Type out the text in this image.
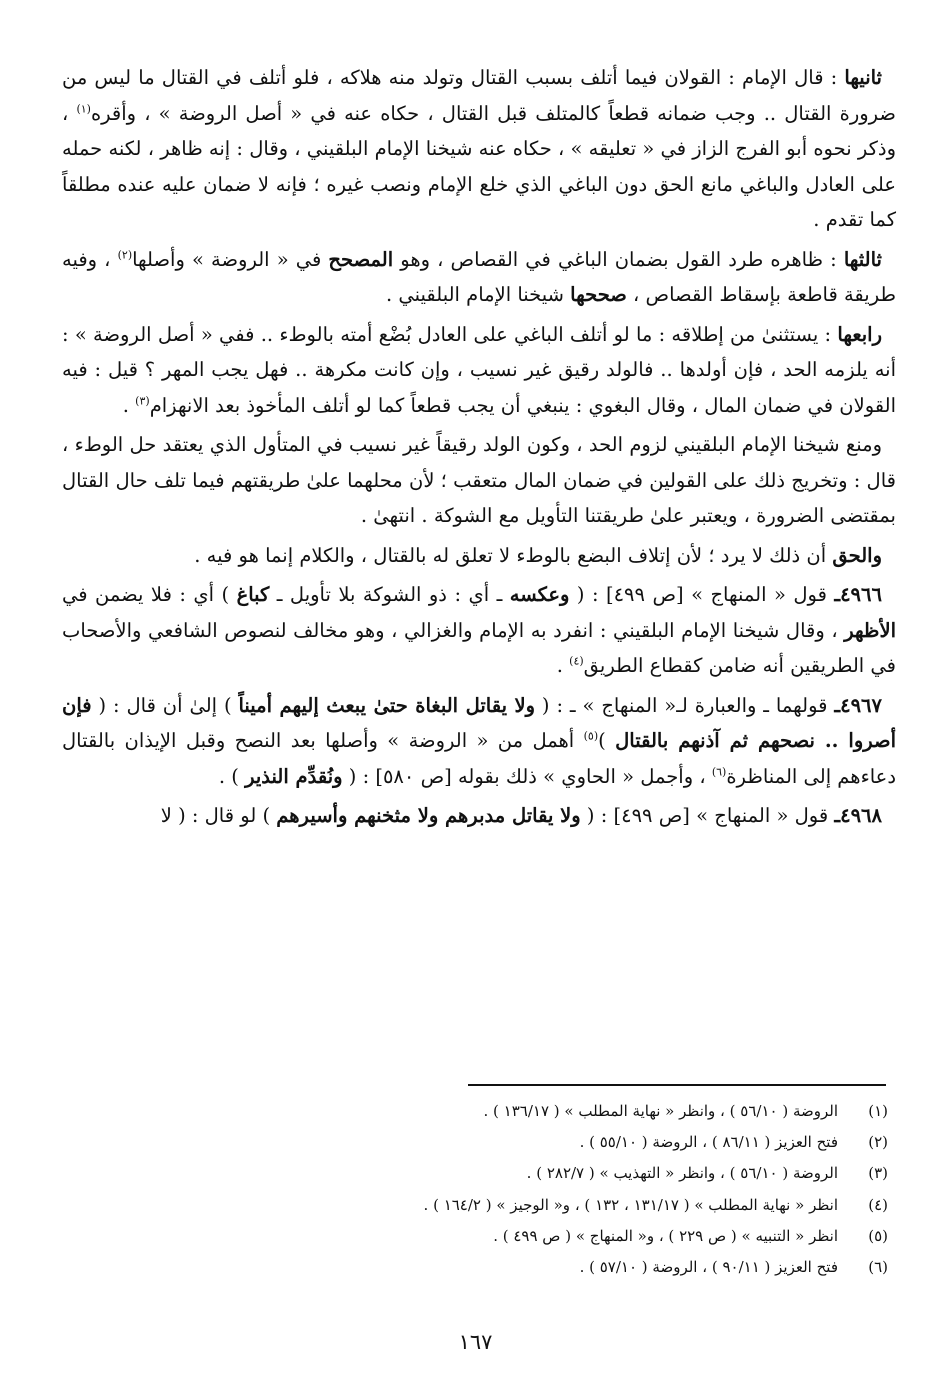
ثانيها : قال الإمام : القولان فيما أتلف بسبب القتال وتولد منه هلاكه ، فلو أتلف في القتال ما ليس من ضرورة القتال .. وجب ضمانه قطعاً كالمتلف قبل القتال ، حكاه عنه في « أصل الروضة » ، وأقره$^{(١)}$ ، وذكر نحوه أبو الفرج الزاز في « تعليقه » ، حكاه عنه شيخنا الإمام البلقيني ، وقال : إنه ظاهر ، لكنه حمله على العادل والباغي مانع الحق دون الباغي الذي خلع الإمام ونصب غيره ؛ فإنه لا ضمان عليه عنده مطلقاً كما تقدم .

ثالثها : ظاهره طرد القول بضمان الباغي في القصاص ، وهو المصحح في « الروضة » وأصلها$^{(٢)}$ ، وفيه طريقة قاطعة بإسقاط القصاص ، صححها شيخنا الإمام البلقيني .

رابعها : يستثنىٰ من إطلاقه : ما لو أتلف الباغي على العادل بُضْع أمته بالوطء .. ففي « أصل الروضة » : أنه يلزمه الحد ، فإن أولدها .. فالولد رقيق غير نسيب ، وإن كانت مكرهة .. فهل يجب المهر ؟ قيل : فيه القولان في ضمان المال ، وقال البغوي : ينبغي أن يجب قطعاً كما لو أتلف المأخوذ بعد الانهزام$^{(٣)}$ .

ومنع شيخنا الإمام البلقيني لزوم الحد ، وكون الولد رقيقاً غير نسيب في المتأول الذي يعتقد حل الوطء ، قال : وتخريج ذلك على القولين في ضمان المال متعقب ؛ لأن محلهما علىٰ طريقتهم فيما تلف حال القتال بمقتضى الضرورة ، ويعتبر علىٰ طريقتنا التأويل مع الشوكة . انتهىٰ .

والحق أن ذلك لا يرد ؛ لأن إتلاف البضع بالوطء لا تعلق له بالقتال ، والكلام إنما هو فيه .

٤٩٦٦ـ قول « المنهاج » [ص ٤٩٩] : ( وعكسه ـ أي : ذو الشوكة بلا تأويل ـ كباغ ) أي : فلا يضمن في الأظهر ، وقال شيخنا الإمام البلقيني : انفرد به الإمام والغزالي ، وهو مخالف لنصوص الشافعي والأصحاب في الطريقين أنه ضامن كقطاع الطريق$^{(٤)}$ .

٤٩٦٧ـ قولهما ـ والعبارة لـ« المنهاج » ـ : ( ولا يقاتل البغاة حتىٰ يبعث إليهم أميناً ) إلىٰ أن قال : ( فإن أصروا .. نصحهم ثم آذنهم بالقتال )$^{(٥)}$ أهمل من « الروضة » وأصلها بعد النصح وقبل الإيذان بالقتال دعاءهم إلى المناظرة$^{(٦)}$ ، وأجمل « الحاوي » ذلك بقوله [ص ٥٨٠] : ( ونُقدِّم النذير ) .

٤٩٦٨ـ قول « المنهاج » [ص ٤٩٩] : ( ولا يقاتل مدبرهم ولا مثخنهم وأسيرهم ) لو قال : ( لا

(١)الروضة ( ٥٦/١٠ ) ، وانظر « نهاية المطلب » ( ١٣٦/١٧ ) .
(٢)فتح العزيز ( ٨٦/١١ ) ، الروضة ( ٥٥/١٠ ) .
(٣)الروضة ( ٥٦/١٠ ) ، وانظر « التهذيب » ( ٢٨٢/٧ ) .
(٤)انظر « نهاية المطلب » ( ١٣١/١٧ ، ١٣٢ ) ، و« الوجيز » ( ١٦٤/٢ ) .
(٥)انظر « التنبيه » ( ص ٢٢٩ ) ، و« المنهاج » ( ص ٤٩٩ ) .
(٦)فتح العزيز ( ٩٠/١١ ) ، الروضة ( ٥٧/١٠ ) .
١٦٧
